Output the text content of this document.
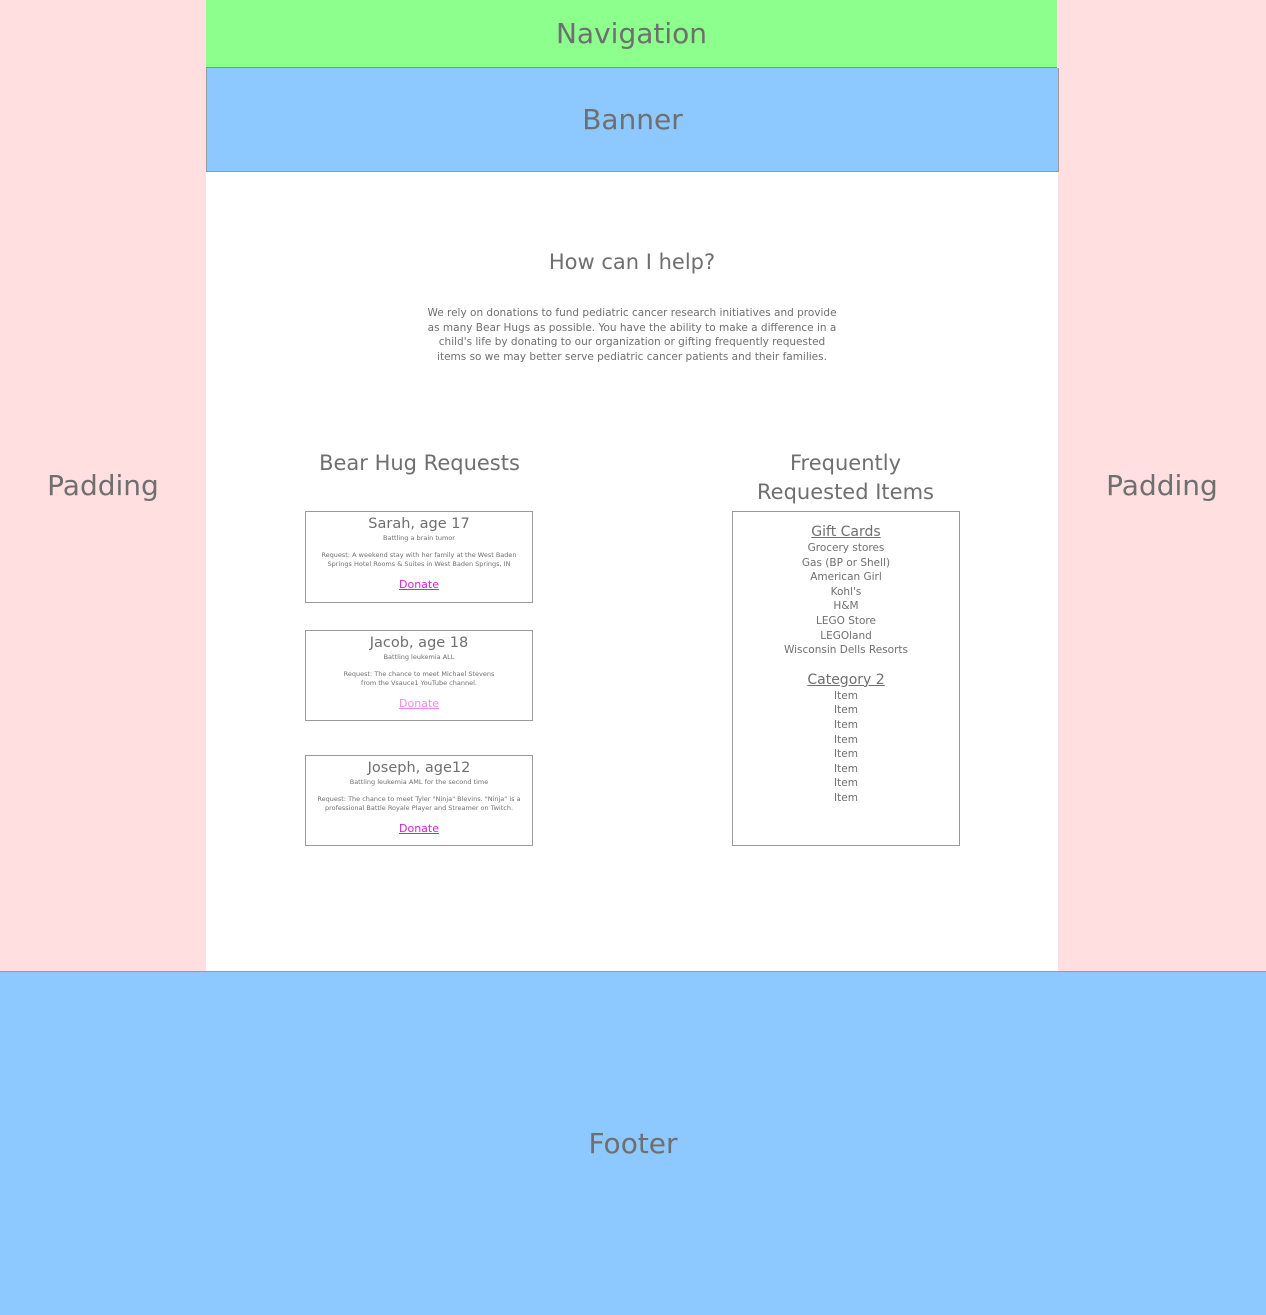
Padding	Padding
Navigation
Banner
How can I help?
We rely on donations to fund pediatric cancer research initiatives and provide as many Bear Hugs as possible. You have the ability to make a difference in a child's life by donating to our organization or gifting frequently requested items so we may better serve pediatric cancer patients and their families.
Bear Hug Requests	Frequently Requested Items
Sarah, age 17
Battling a brain tumor
Request: A weekend stay with her family at the West Baden Springs Hotel Rooms & Suites in West Baden Springs, IN
Donate
Jacob, age 18
Battling leukemia ALL
Request: The chance to meet Michael Stevens from the Vsauce1 YouTube channel.
Donate
Joseph, age12
Battling leukemia AML for the second time
Request: The chance to meet Tyler "Ninja" Blevins. "Ninja" is a professional Battle Royale Player and Streamer on Twitch.
Donate
Gift Cards
Grocery stores
Gas (BP or Shell)
American Girl
Kohl's
H&M
LEGO Store
LEGOland
Wisconsin Dells Resorts
Category 2
Item
Item
Item
Item
Item
Item
Item
Item
Footer
